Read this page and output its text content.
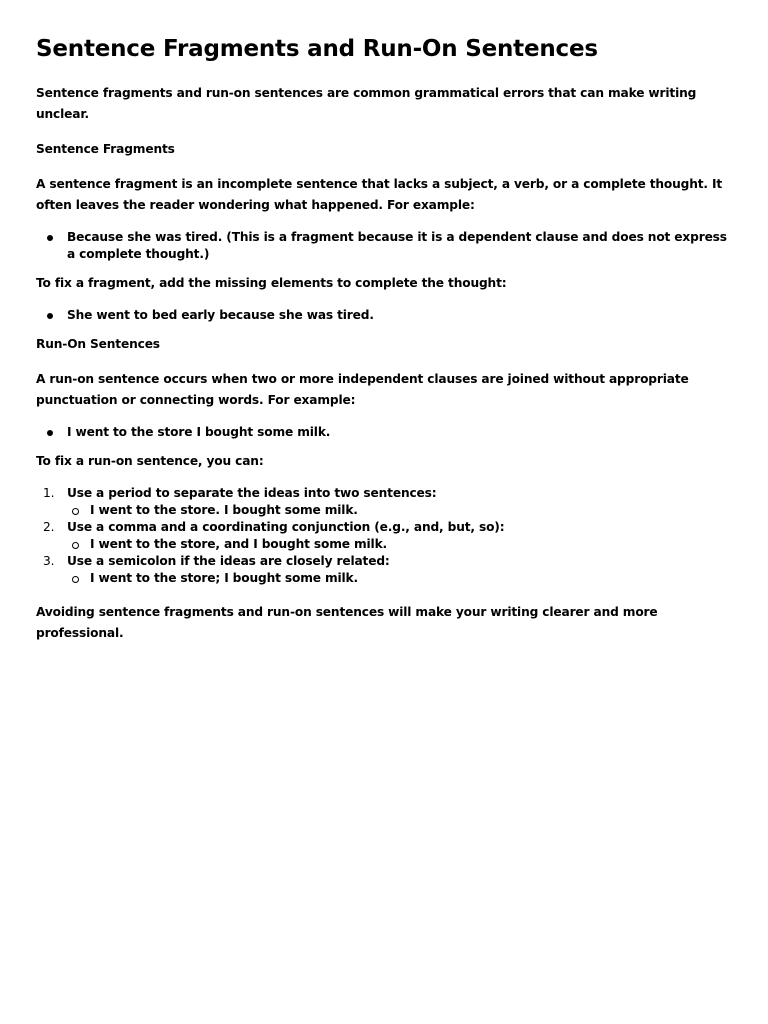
Sentence Fragments and Run-On Sentences

Sentence fragments and run-on sentences are common grammatical errors that can make writing unclear.

Sentence Fragments

A sentence fragment is an incomplete sentence that lacks a subject, a verb, or a complete thought. It often leaves the reader wondering what happened. For example:

Because she was tired. (This is a fragment because it is a dependent clause and does not express a complete thought.)

To fix a fragment, add the missing elements to complete the thought:

She went to bed early because she was tired.

Run-On Sentences

A run-on sentence occurs when two or more independent clauses are joined without appropriate punctuation or connecting words. For example:

I went to the store I bought some milk.

To fix a run-on sentence, you can:

1. Use a period to separate the ideas into two sentences:
I went to the store. I bought some milk.
2. Use a comma and a coordinating conjunction (e.g., and, but, so):
I went to the store, and I bought some milk.
3. Use a semicolon if the ideas are closely related:
I went to the store; I bought some milk.

Avoiding sentence fragments and run-on sentences will make your writing clearer and more professional.
